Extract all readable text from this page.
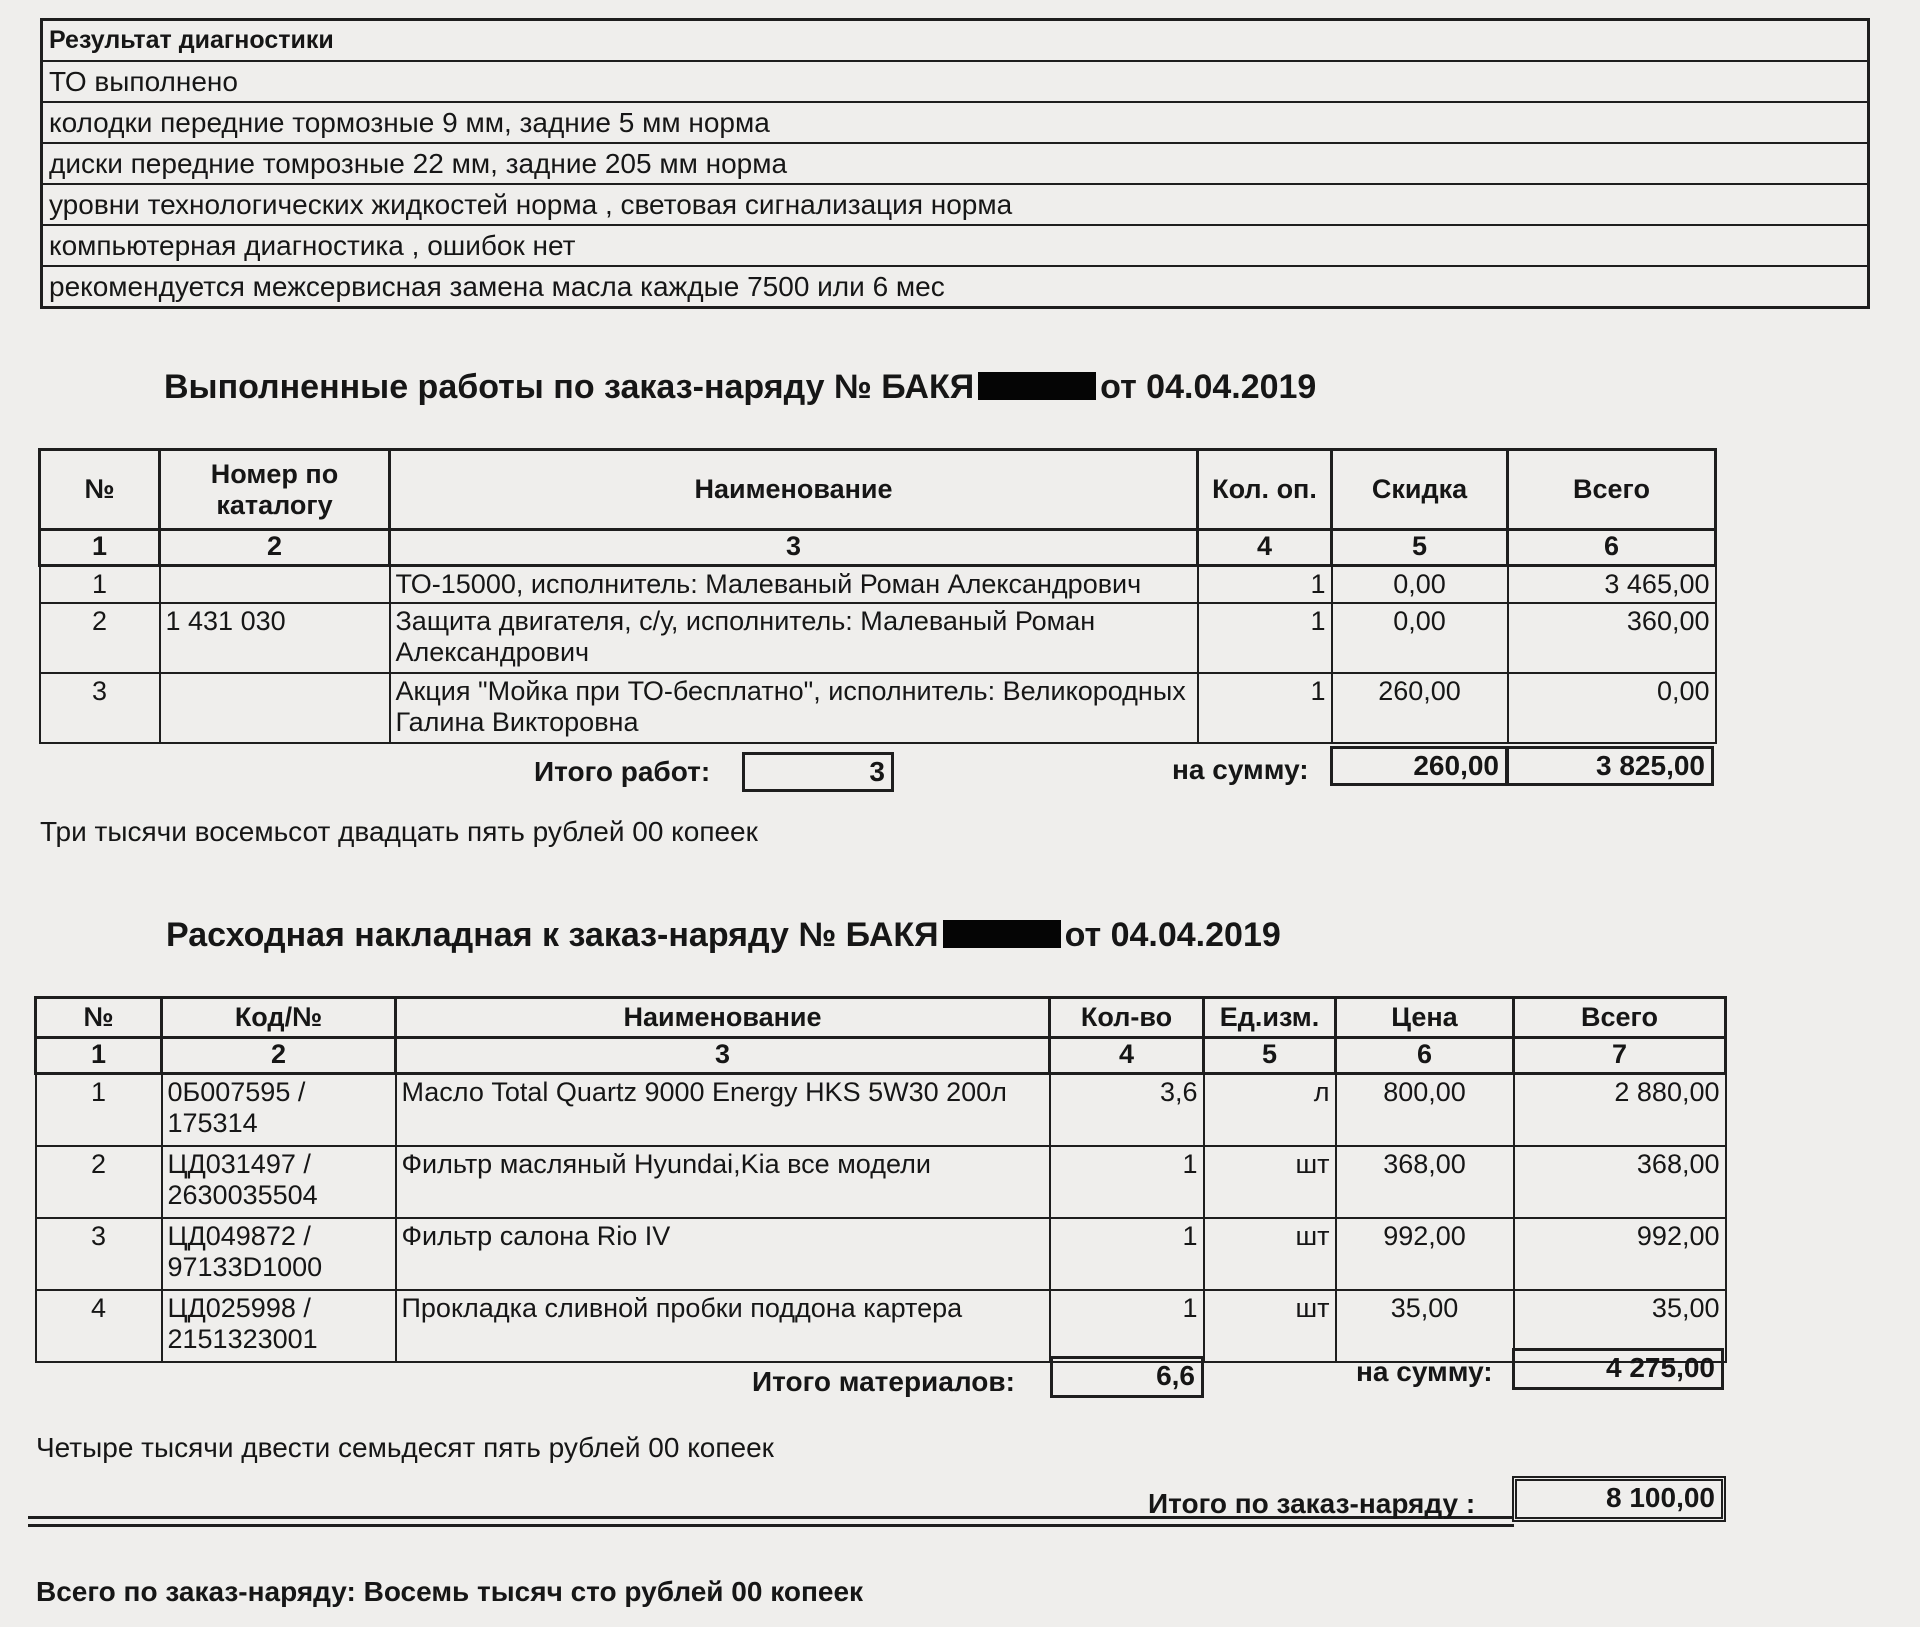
Результат диагностики
ТО выполнено
колодки передние тормозные 9 мм, задние 5 мм норма
диски передние томрозные 22 мм, задние 205 мм норма
уровни технологических жидкостей норма , световая сигнализация норма
компьютерная диагностика , ошибок нет
рекомендуется межсервисная замена масла каждые 7500 или 6 мес
Выполненные работы по заказ-наряду № БАКЯ	от 04.04.2019
№	Номер по каталогу	Наименование	Кол. оп.	Скидка	Всего
1	2	3	4	5	6
1		ТО-15000, исполнитель: Малеваный Роман Александрович	1	0,00	3 465,00
2	1 431 030	Защита двигателя, с/у, исполнитель: Малеваный Роман Александрович	1	0,00	360,00
3		Акция "Мойка при ТО-бесплатно", исполнитель: Великородных Галина Викторовна	1	260,00	0,00
Итого работ:	3	на сумму:	260,00	3 825,00
Три тысячи восемьсот двадцать пять рублей 00 копеек
Расходная накладная к заказ-наряду № БАКЯ	от 04.04.2019
№	Код/№	Наименование	Кол-во	Ед.изм.	Цена	Всего
1	2	3	4	5	6	7
1	0Б007595 / 175314	Масло Total Quartz 9000 Energy HKS 5W30 200л	3,6	л	800,00	2 880,00
2	ЦД031497 / 2630035504	Фильтр масляный Hyundai,Kia все модели	1	шт	368,00	368,00
3	ЦД049872 / 97133D1000	Фильтр салона Rio IV	1	шт	992,00	992,00
4	ЦД025998 / 2151323001	Прокладка сливной пробки поддона картера	1	шт	35,00	35,00
Итого материалов:	6,6	на сумму:	4 275,00
Четыре тысячи двести семьдесят пять рублей 00 копеек
Итого по заказ-наряду :	8 100,00
Всего по заказ-наряду: Восемь тысяч сто рублей 00 копеек
